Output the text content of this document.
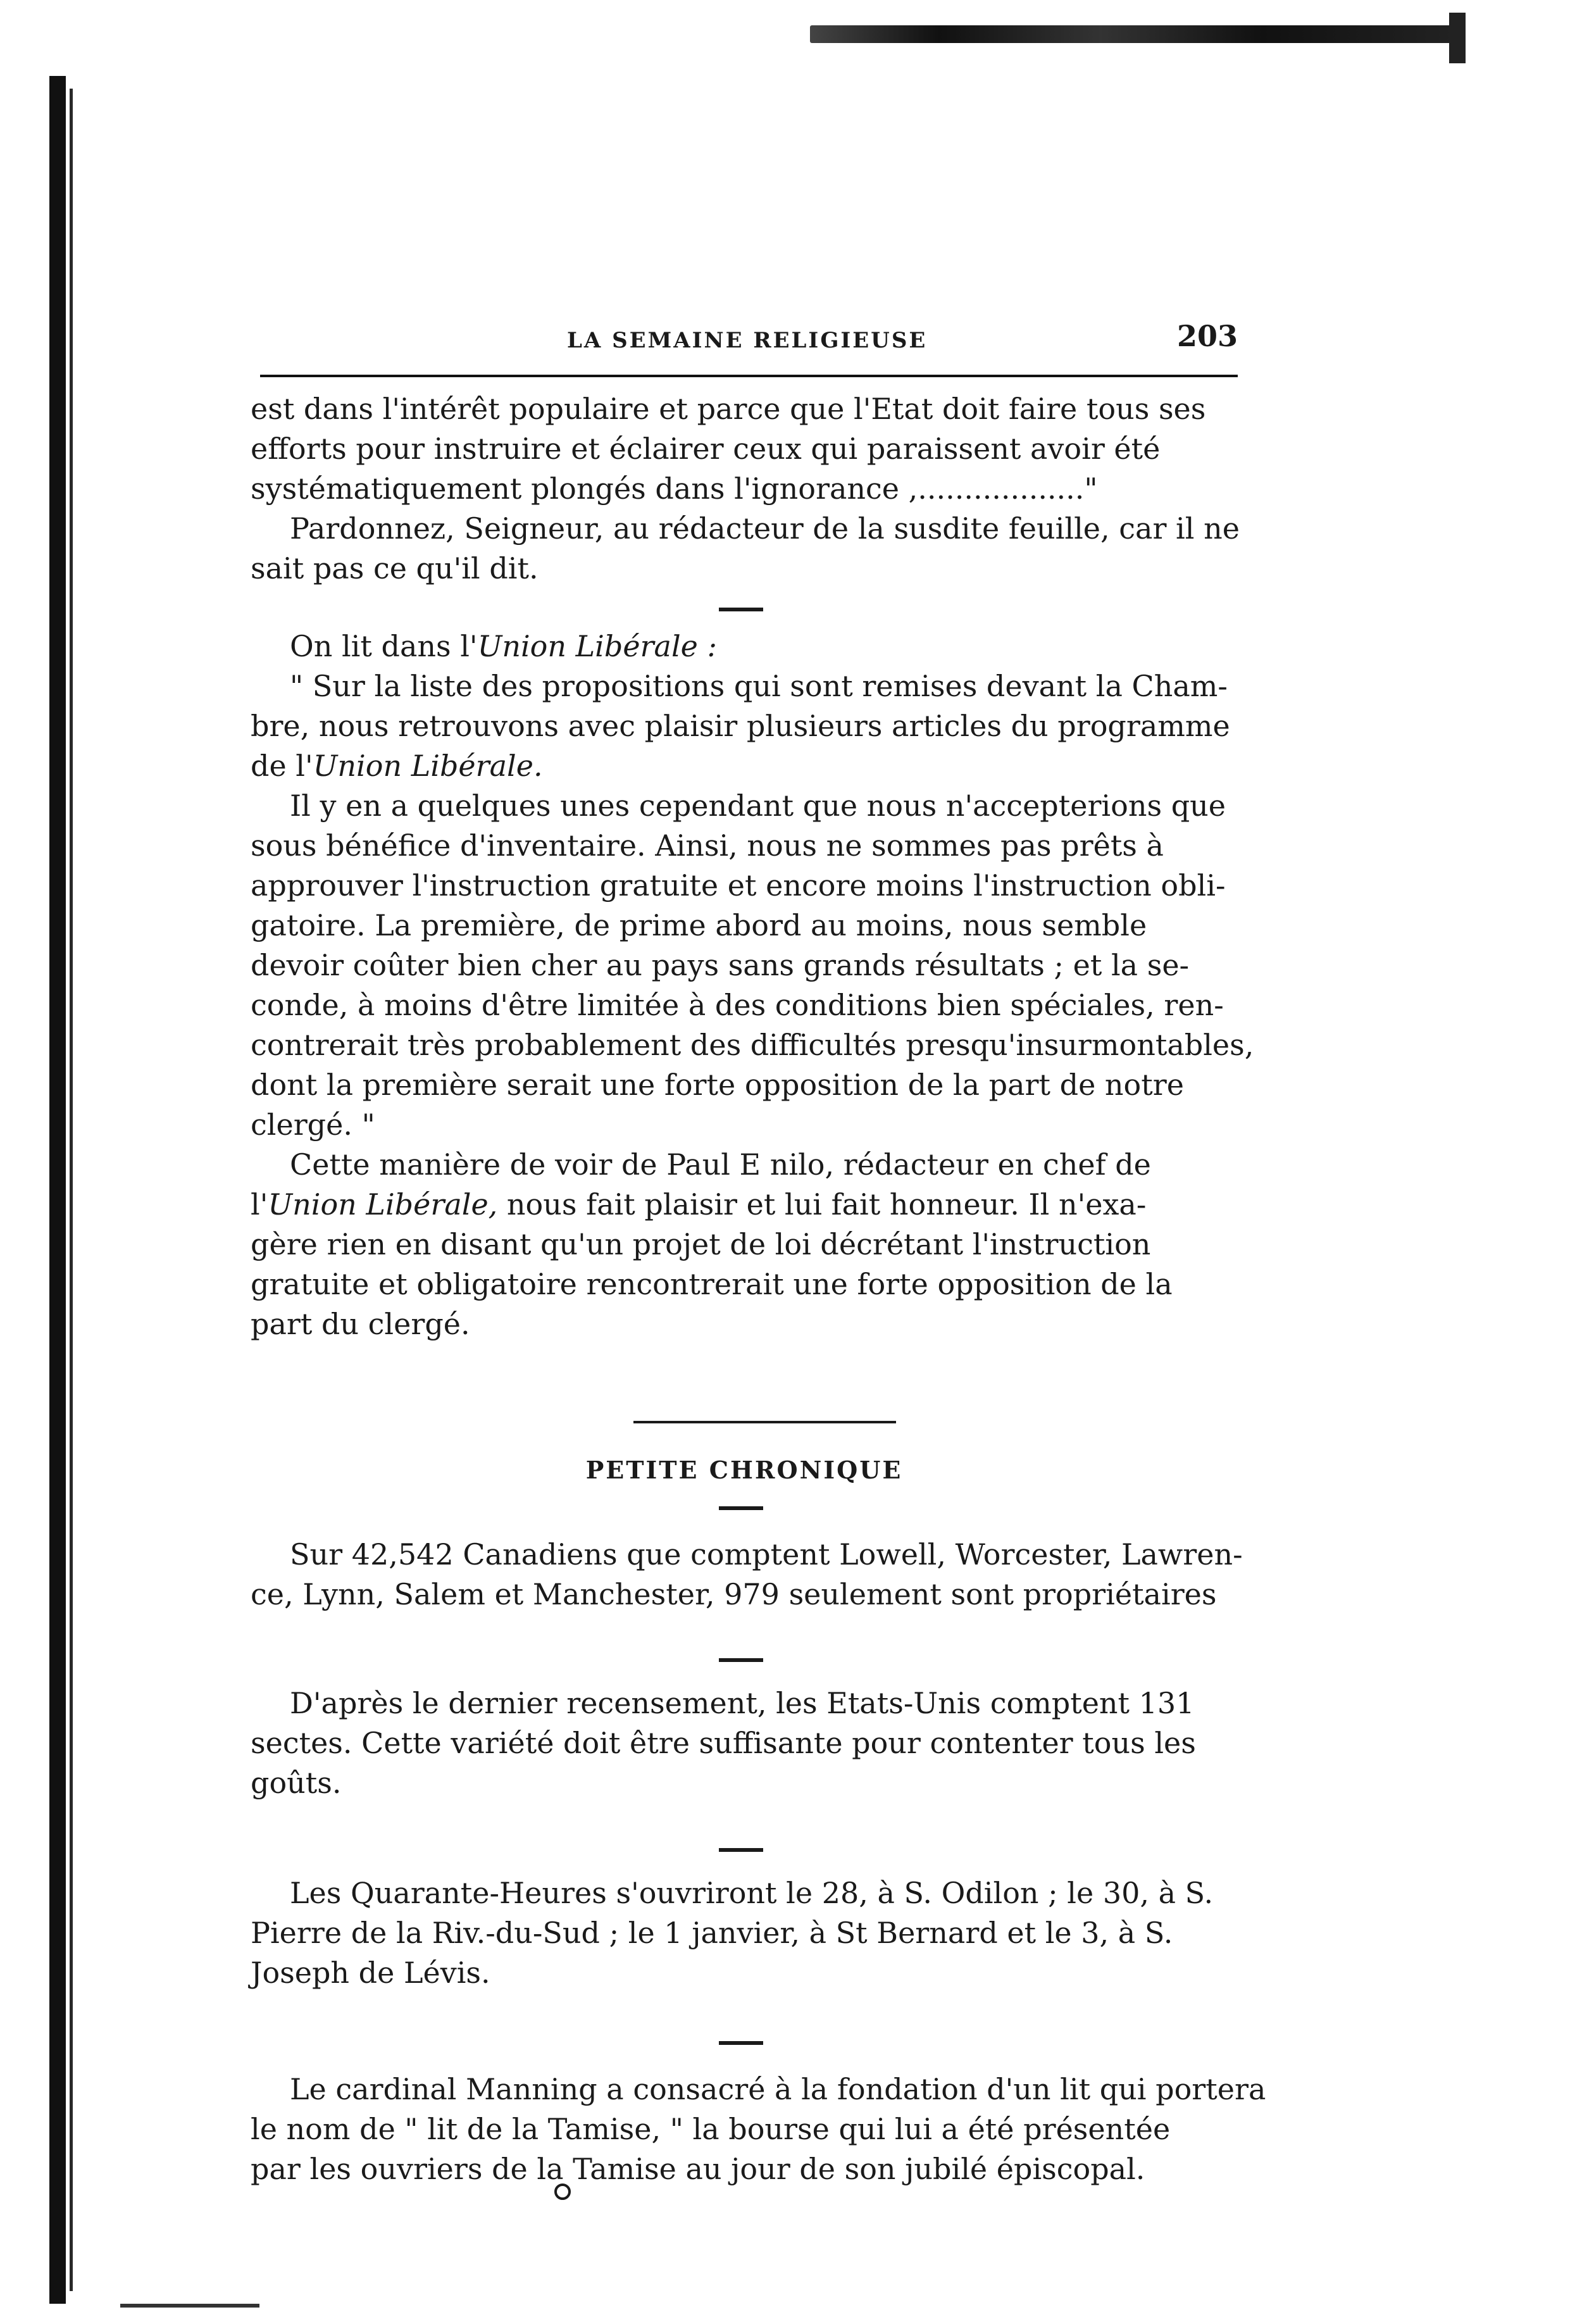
LA SEMAINE RELIGIEUSE	203
est dans l'intérêt populaire et parce que l'Etat doit faire tous ses
efforts pour instruire et éclairer ceux qui paraissent avoir été
systématiquement plongés dans l'ignorance ,.................."
Pardonnez, Seigneur, au rédacteur de la susdite feuille, car il ne
sait pas ce qu'il dit.
On lit dans l'Union Libérale :
" Sur la liste des propositions qui sont remises devant la Cham-
bre, nous retrouvons avec plaisir plusieurs articles du programme
de l'Union Libérale.
Il y en a quelques unes cependant que nous n'accepterions que
sous bénéfice d'inventaire. Ainsi, nous ne sommes pas prêts à
approuver l'instruction gratuite et encore moins l'instruction obli-
gatoire. La première, de prime abord au moins, nous semble
devoir coûter bien cher au pays sans grands résultats ; et la se-
conde, à moins d'être limitée à des conditions bien spéciales, ren-
contrerait très probablement des difficultés presqu'insurmontables,
dont la première serait une forte opposition de la part de notre
clergé. "
Cette manière de voir de Paul E nilo, rédacteur en chef de
l'Union Libérale, nous fait plaisir et lui fait honneur. Il n'exa-
gère rien en disant qu'un projet de loi décrétant l'instruction
gratuite et obligatoire rencontrerait une forte opposition de la
part du clergé.
PETITE CHRONIQUE
Sur 42,542 Canadiens que comptent Lowell, Worcester, Lawren-
ce, Lynn, Salem et Manchester, 979 seulement sont propriétaires
D'après le dernier recensement, les Etats-Unis comptent 131
sectes. Cette variété doit être suffisante pour contenter tous les
goûts.
Les Quarante-Heures s'ouvriront le 28, à S. Odilon ; le 30, à S.
Pierre de la Riv.-du-Sud ; le 1 janvier, à St Bernard et le 3, à S.
Joseph de Lévis.
Le cardinal Manning a consacré à la fondation d'un lit qui portera
le nom de " lit de la Tamise, " la bourse qui lui a été présentée
par les ouvriers de la Tamise au jour de son jubilé épiscopal.
